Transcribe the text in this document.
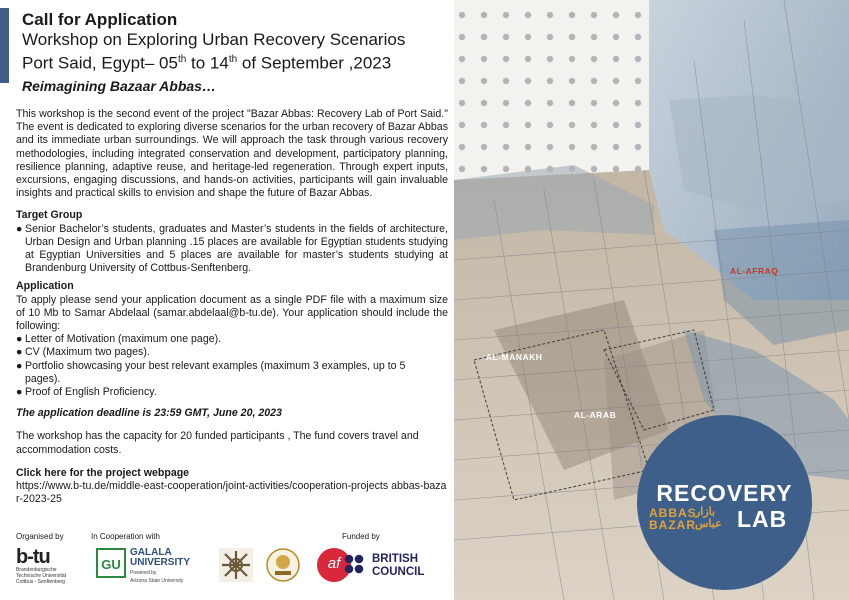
Call for Application
Workshop on Exploring Urban Recovery Scenarios
Port Said, Egypt– 05th to 14th of September ,2023
Reimagining Bazaar Abbas…

This workshop is the second event of the project "Bazar Abbas: Recovery Lab of Port Said." The event is dedicated to exploring diverse scenarios for the urban recovery of Bazar Abbas and its immediate urban surroundings. We will approach the task through various recovery methodologies, including integrated conservation and development, participatory planning, resilience planning, adaptive reuse, and heritage-led regeneration. Through expert inputs, excursions, engaging discussions, and hands-on activities, participants will gain invaluable insights and practical skills to envision and shape the future of Bazar Abbas.

Target Group
● Senior Bachelor’s students, graduates and Master’s students in the fields of architecture, Urban Design and Urban planning .15 places are available for Egyptian students studying at Egyptian Universities and 5 places are available for master’s students studying at Brandenburg University of Cottbus-Senftenberg.
Application
To apply please send your application document as a single PDF file with a maximum size of 10 Mb to Samar Abdelaal (samar.abdelaal@b-tu.de). Your application should include the following:
● Letter of Motivation (maximum one page).
● CV (Maximum two pages).
● Portfolio showcasing your best relevant examples (maximum 3 examples, up to 5 pages).
● Proof of English Proficiency.
The application deadline is 23:59 GMT, June 20, 2023
The workshop has the capacity for 20 funded participants , The fund covers travel and accommodation costs.
Click here for the project webpage
https://www.b-tu.de/middle-east-cooperation/joint-activities/cooperation-projects abbas-bazar-2023-25
Organised by	In Cooperation with	Funded by
b-tu
Brandenburgische
Technische Universität
Cottbus - Senftenberg
GU
GALALA
UNIVERSITY
Powered by
Arizona State University
af	BRITISH
COUNCIL
AL-AFRAQ
AL-MANAKH
AL-ARAB
RECOVERY
ABBAS
BAZAR
بازار
عباس LAB
